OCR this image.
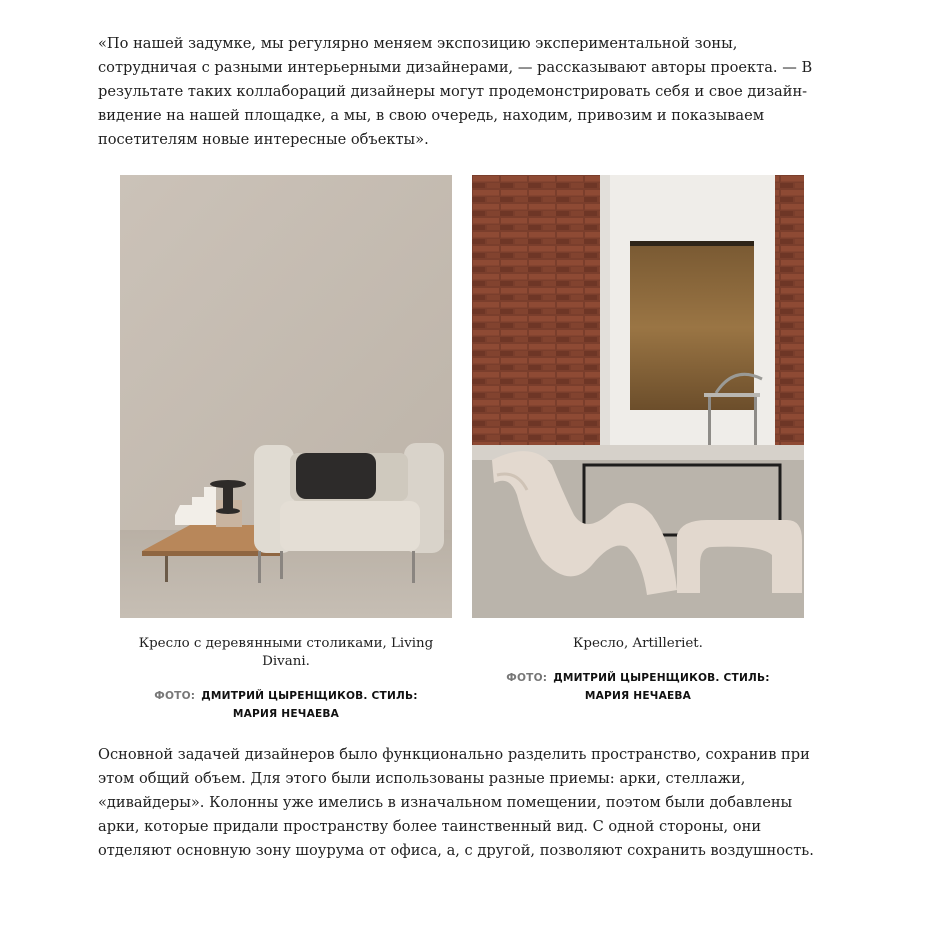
«По нашей задумке, мы регулярно меняем экспозицию экспериментальной зоны, сотрудничая с разными интерьерными дизайнерами, — рассказывают авторы проекта. — В результате таких коллабораций дизайнеры могут продемонстрировать себя и свое дизайн-видение на нашей площадке, а мы, в свою очередь, находим, привозим и показываем посетителям новые интересные объекты».

Кресло с деревянными столиками, Living Divani.
ФОТО: ДМИТРИЙ ЦЫРЕНЩИКОВ. СТИЛЬ: МАРИЯ НЕЧАЕВА
Кресло, Artilleriet.
ФОТО: ДМИТРИЙ ЦЫРЕНЩИКОВ. СТИЛЬ: МАРИЯ НЕЧАЕВА

Основной задачей дизайнеров было функционально разделить пространство, сохранив при этом общий объем. Для этого были использованы разные приемы: арки, стеллажи, «дивайдеры». Колонны уже имелись в изначальном помещении, поэтом были добавлены арки, которые придали пространству более таинственный вид. С одной стороны, они отделяют основную зону шоурума от офиса, а, с другой, позволяют сохранить воздушность.
